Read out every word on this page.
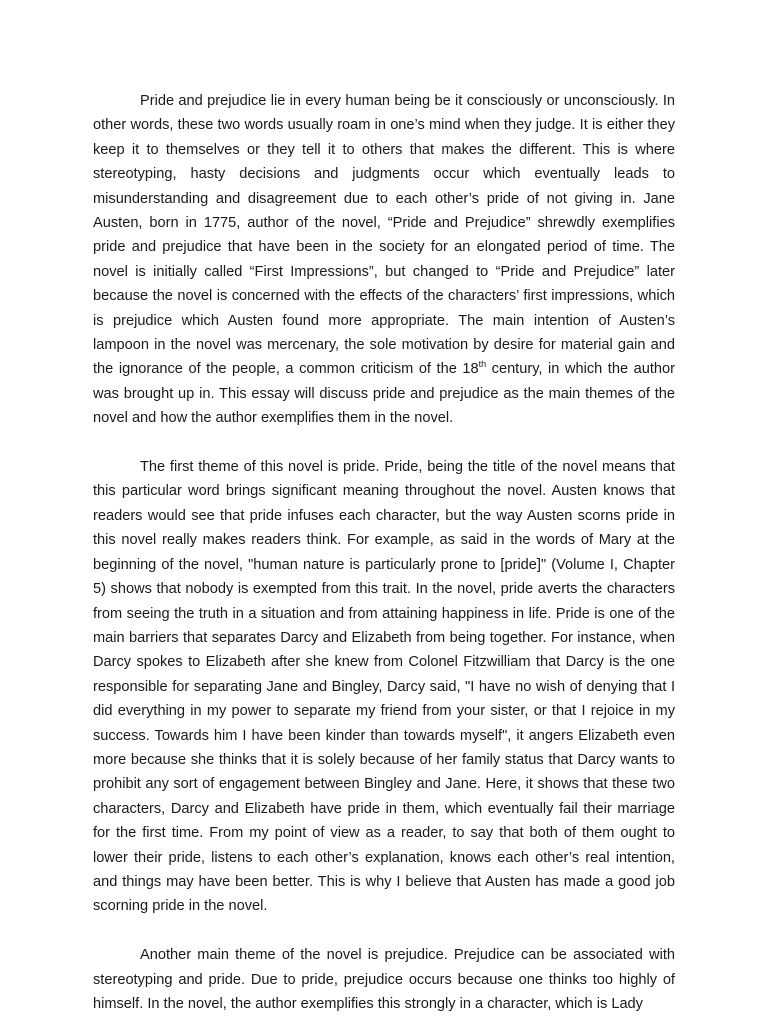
Pride and prejudice lie in every human being be it consciously or unconsciously. In other words, these two words usually roam in one’s mind when they judge. It is either they keep it to themselves or they tell it to others that makes the different. This is where stereotyping, hasty decisions and judgments occur which eventually leads to misunderstanding and disagreement due to each other’s pride of not giving in. Jane Austen, born in 1775, author of the novel, “Pride and Prejudice” shrewdly exemplifies pride and prejudice that have been in the society for an elongated period of time. The novel is initially called “First Impressions”, but changed to “Pride and Prejudice” later because the novel is concerned with the effects of the characters’ first impressions, which is prejudice which Austen found more appropriate. The main intention of Austen’s lampoon in the novel was mercenary, the sole motivation by desire for material gain and the ignorance of the people, a common criticism of the 18th century, in which the author was brought up in. This essay will discuss pride and prejudice as the main themes of the novel and how the author exemplifies them in the novel.

The first theme of this novel is pride. Pride, being the title of the novel means that this particular word brings significant meaning throughout the novel. Austen knows that readers would see that pride infuses each character, but the way Austen scorns pride in this novel really makes readers think. For example, as said in the words of Mary at the beginning of the novel, "human nature is particularly prone to [pride]" (Volume I, Chapter 5) shows that nobody is exempted from this trait. In the novel, pride averts the characters from seeing the truth in a situation and from attaining happiness in life. Pride is one of the main barriers that separates Darcy and Elizabeth from being together. For instance, when Darcy spokes to Elizabeth after she knew from Colonel Fitzwilliam that Darcy is the one responsible for separating Jane and Bingley, Darcy said, "I have no wish of denying that I did everything in my power to separate my friend from your sister, or that I rejoice in my success. Towards him I have been kinder than towards myself", it angers Elizabeth even more because she thinks that it is solely because of her family status that Darcy wants to prohibit any sort of engagement between Bingley and Jane. Here, it shows that these two characters, Darcy and Elizabeth have pride in them, which eventually fail their marriage for the first time. From my point of view as a reader, to say that both of them ought to lower their pride, listens to each other’s explanation, knows each other’s real intention, and things may have been better. This is why I believe that Austen has made a good job scorning pride in the novel.

Another main theme of the novel is prejudice. Prejudice can be associated with stereotyping and pride. Due to pride, prejudice occurs because one thinks too highly of himself. In the novel, the author exemplifies this strongly in a character, which is Lady
